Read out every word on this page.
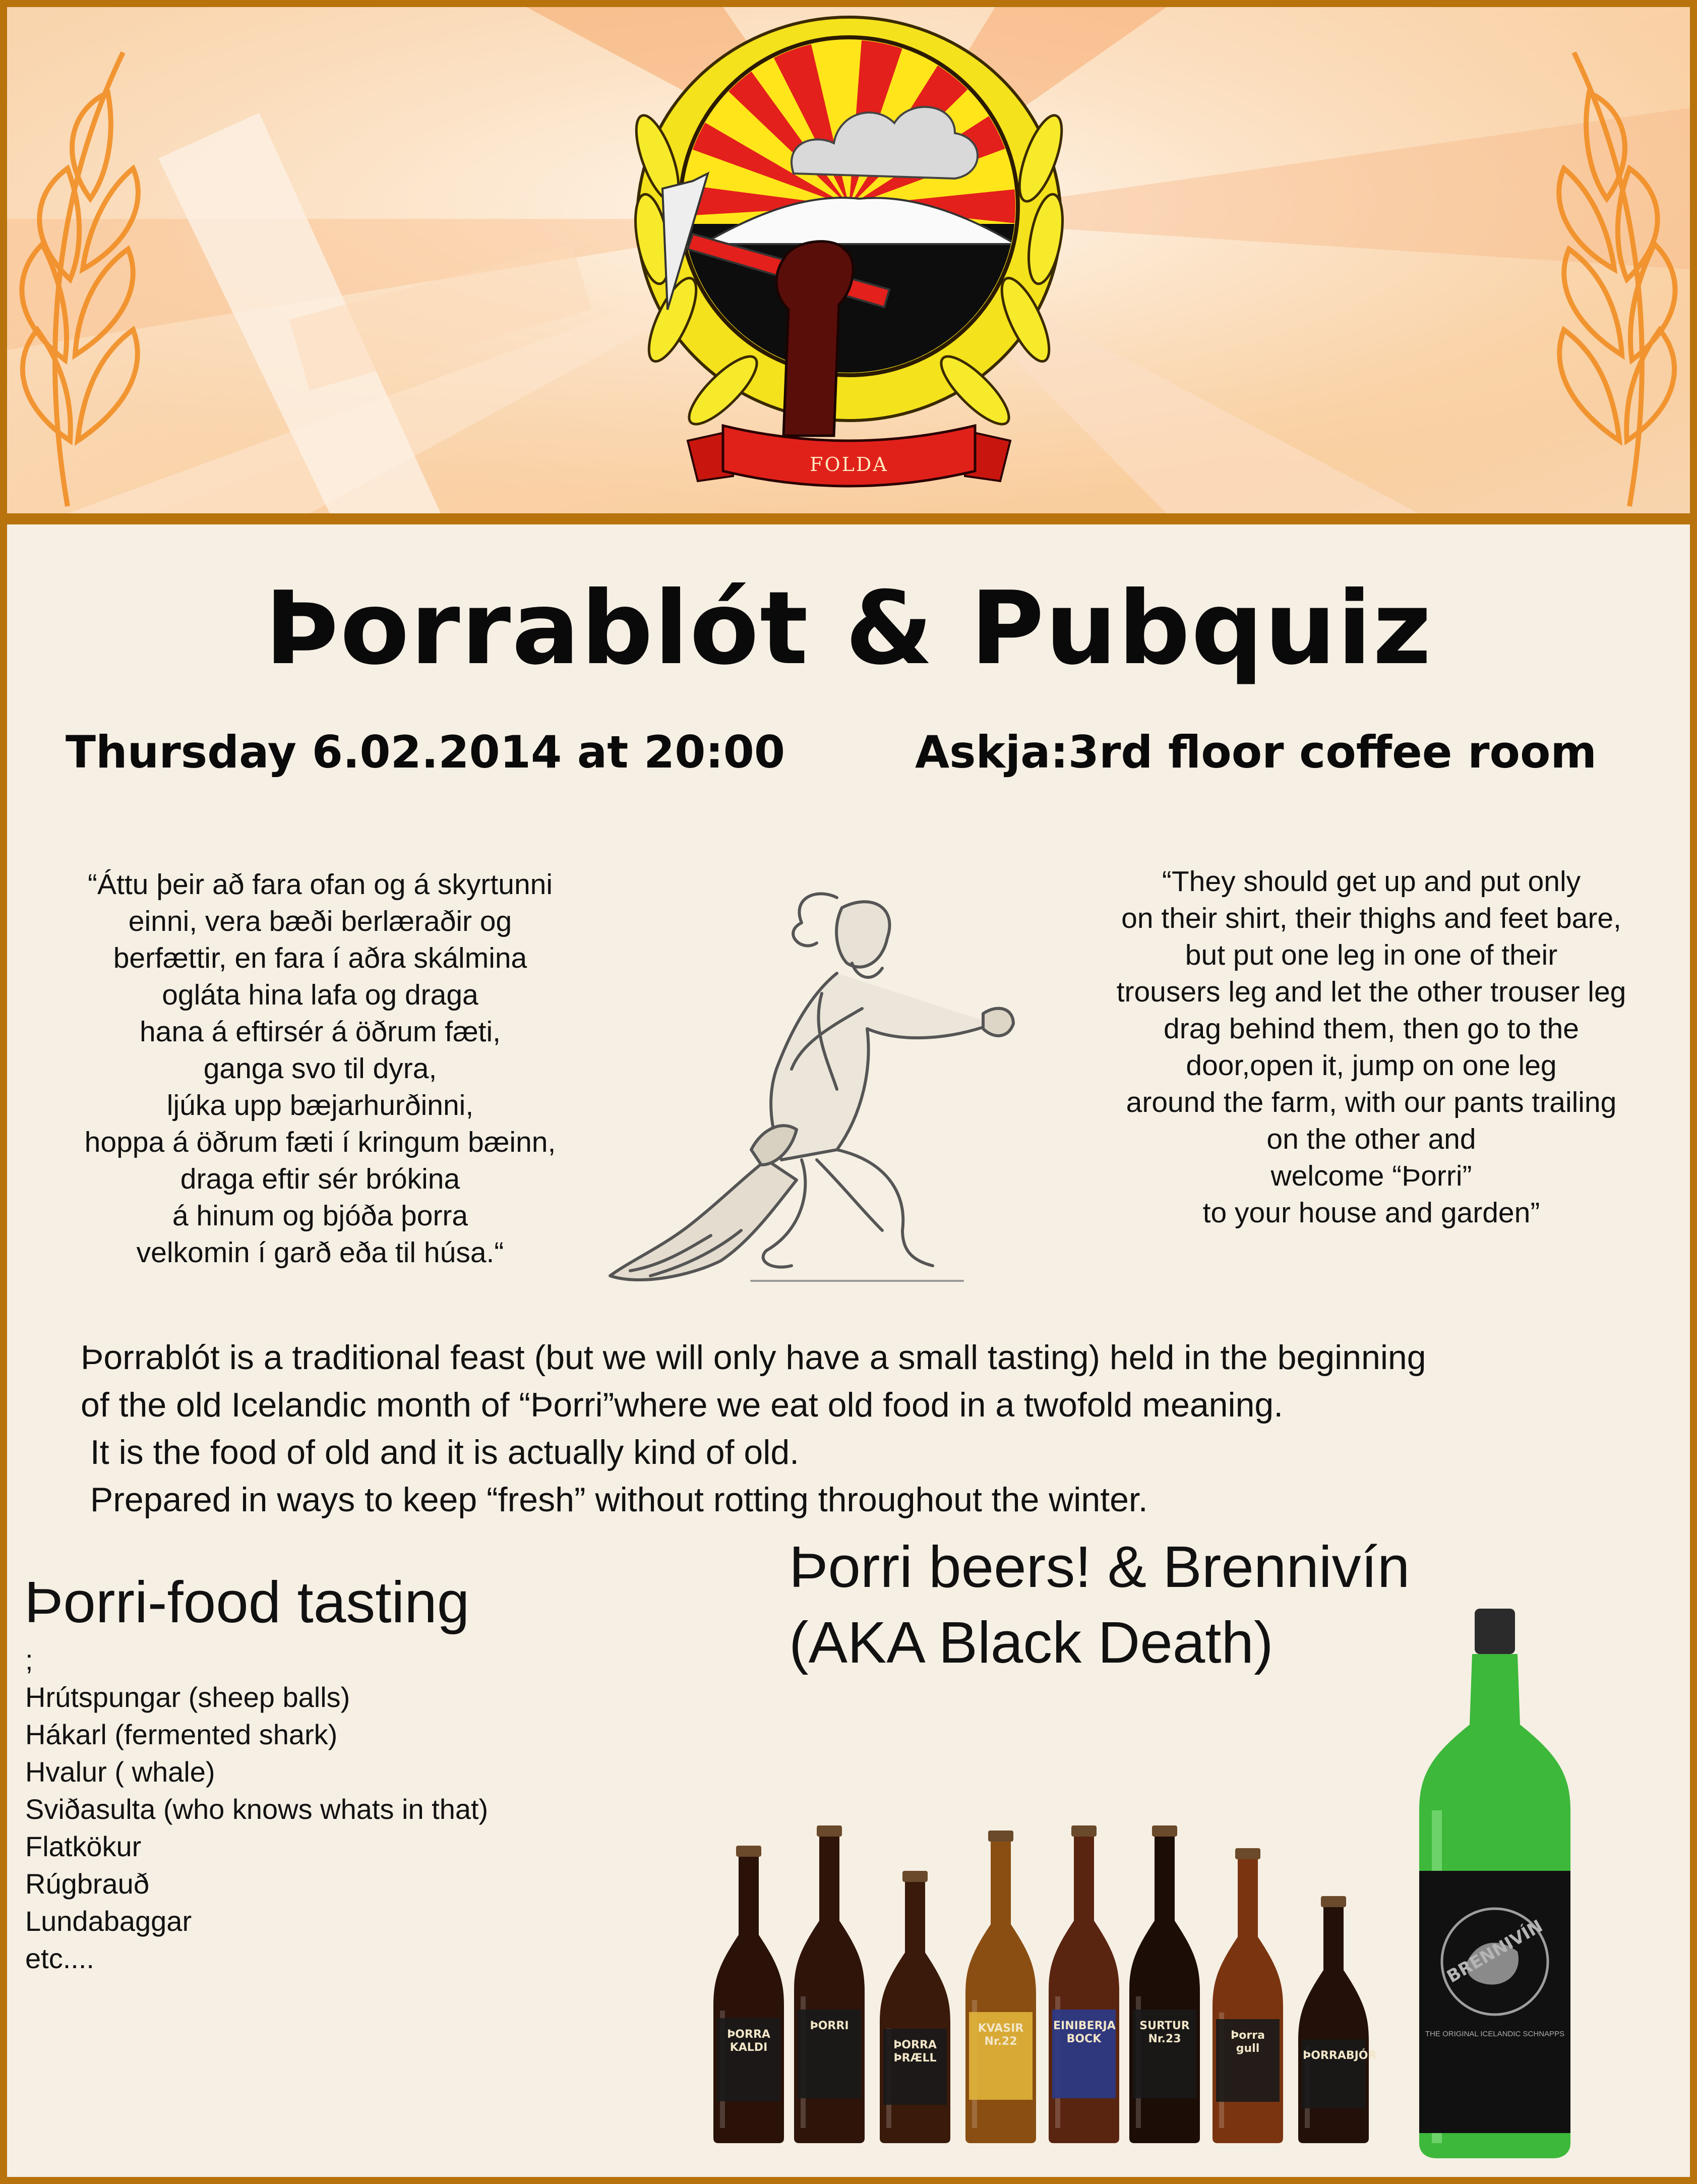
FOLDA
Þorrablót & Pubquiz
Thursday 6.02.2014 at 20:00	Askja:3rd floor coffee room
“Áttu þeir að fara ofan og á skyrtunni
einni, vera bæði berlæraðir og
berfættir, en fara í aðra skálmina
ogláta hina lafa og draga
hana á eftirsér á öðrum fæti,
ganga svo til dyra,
ljúka upp bæjarhurðinni,
hoppa á öðrum fæti í kringum bæinn,
draga eftir sér brókina
á hinum og bjóða þorra
velkomin í garð eða til húsa.“
“They should get up and put only
on their shirt, their thighs and feet bare,
but put one leg in one of their
trousers leg and let the other trouser leg
drag behind them, then go to the
door,open it, jump on one leg
around the farm, with our pants trailing
on the other and
welcome “Þorri”
to your house and garden”
Þorrablót is a traditional feast (but we will only have a small tasting) held in the beginning
of the old Icelandic month of “Þorri”where we eat old food in a twofold meaning.
It is the food of old and it is actually kind of old.
Prepared in ways to keep “fresh” without rotting throughout the winter.
Þorri-food tasting
;
Hrútspungar (sheep balls)
Hákarl (fermented shark)
Hvalur ( whale)
Sviðasulta (who knows whats in that)
Flatkökur
Rúgbrauð
Lundabaggar
etc....
Þorri beers! & Brennivín
(AKA Black Death)
ÞORRA KALDI
ÞORRI
ÞORRA ÞRÆLL
KVASIR Nr.22
EINIBERJA BOCK
SURTUR Nr.23	Þorra gull
ÞORRABJÓR
BRENNIVÍN
THE ORIGINAL ICELANDIC SCHNAPPS
